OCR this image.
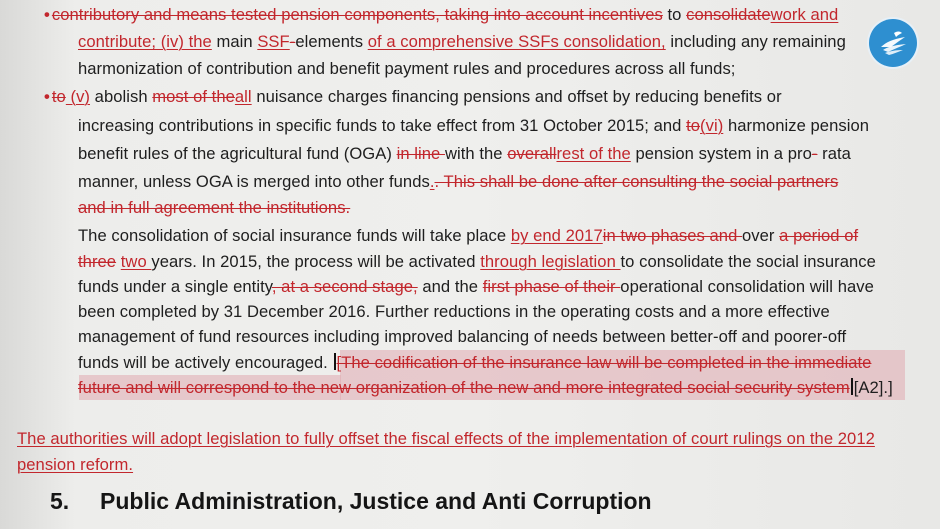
• contributory and means tested pension components, taking into account incentives to consolidatework and
contribute; (iv) the main SSF-elements of a comprehensive SSFs consolidation, including any remaining
harmonization of contribution and benefit payment rules and procedures across all funds;
• to (v) abolish most of theall nuisance charges financing pensions and offset by reducing benefits or
increasing contributions in specific funds to take effect from 31 October 2015; and to(vi) harmonize pension
benefit rules of the agricultural fund (OGA) in line with the overallrest of the pension system in a pro- rata
manner, unless OGA is merged into other funds.. This shall be done after consulting the social partners
and in full agreement the institutions.
The consolidation of social insurance funds will take place by end 2017in two phases and over a period of
three two years. In 2015, the process will be activated through legislation to consolidate the social insurance
funds under a single entity, at a second stage, and the first phase of their operational consolidation will have
been completed by 31 December 2016. Further reductions in the operating costs and a more effective
management of fund resources including improved balancing of needs between better-off and poorer-off
funds will be actively encouraged. [The codification of the insurance law will be completed in the immediate
future and will correspond to the new organization of the new and more integrated social security system [A2].]
The authorities will adopt legislation to fully offset the fiscal effects of the implementation of court rulings on the 2012
pension reform.
5. Public Administration, Justice and Anti Corruption
